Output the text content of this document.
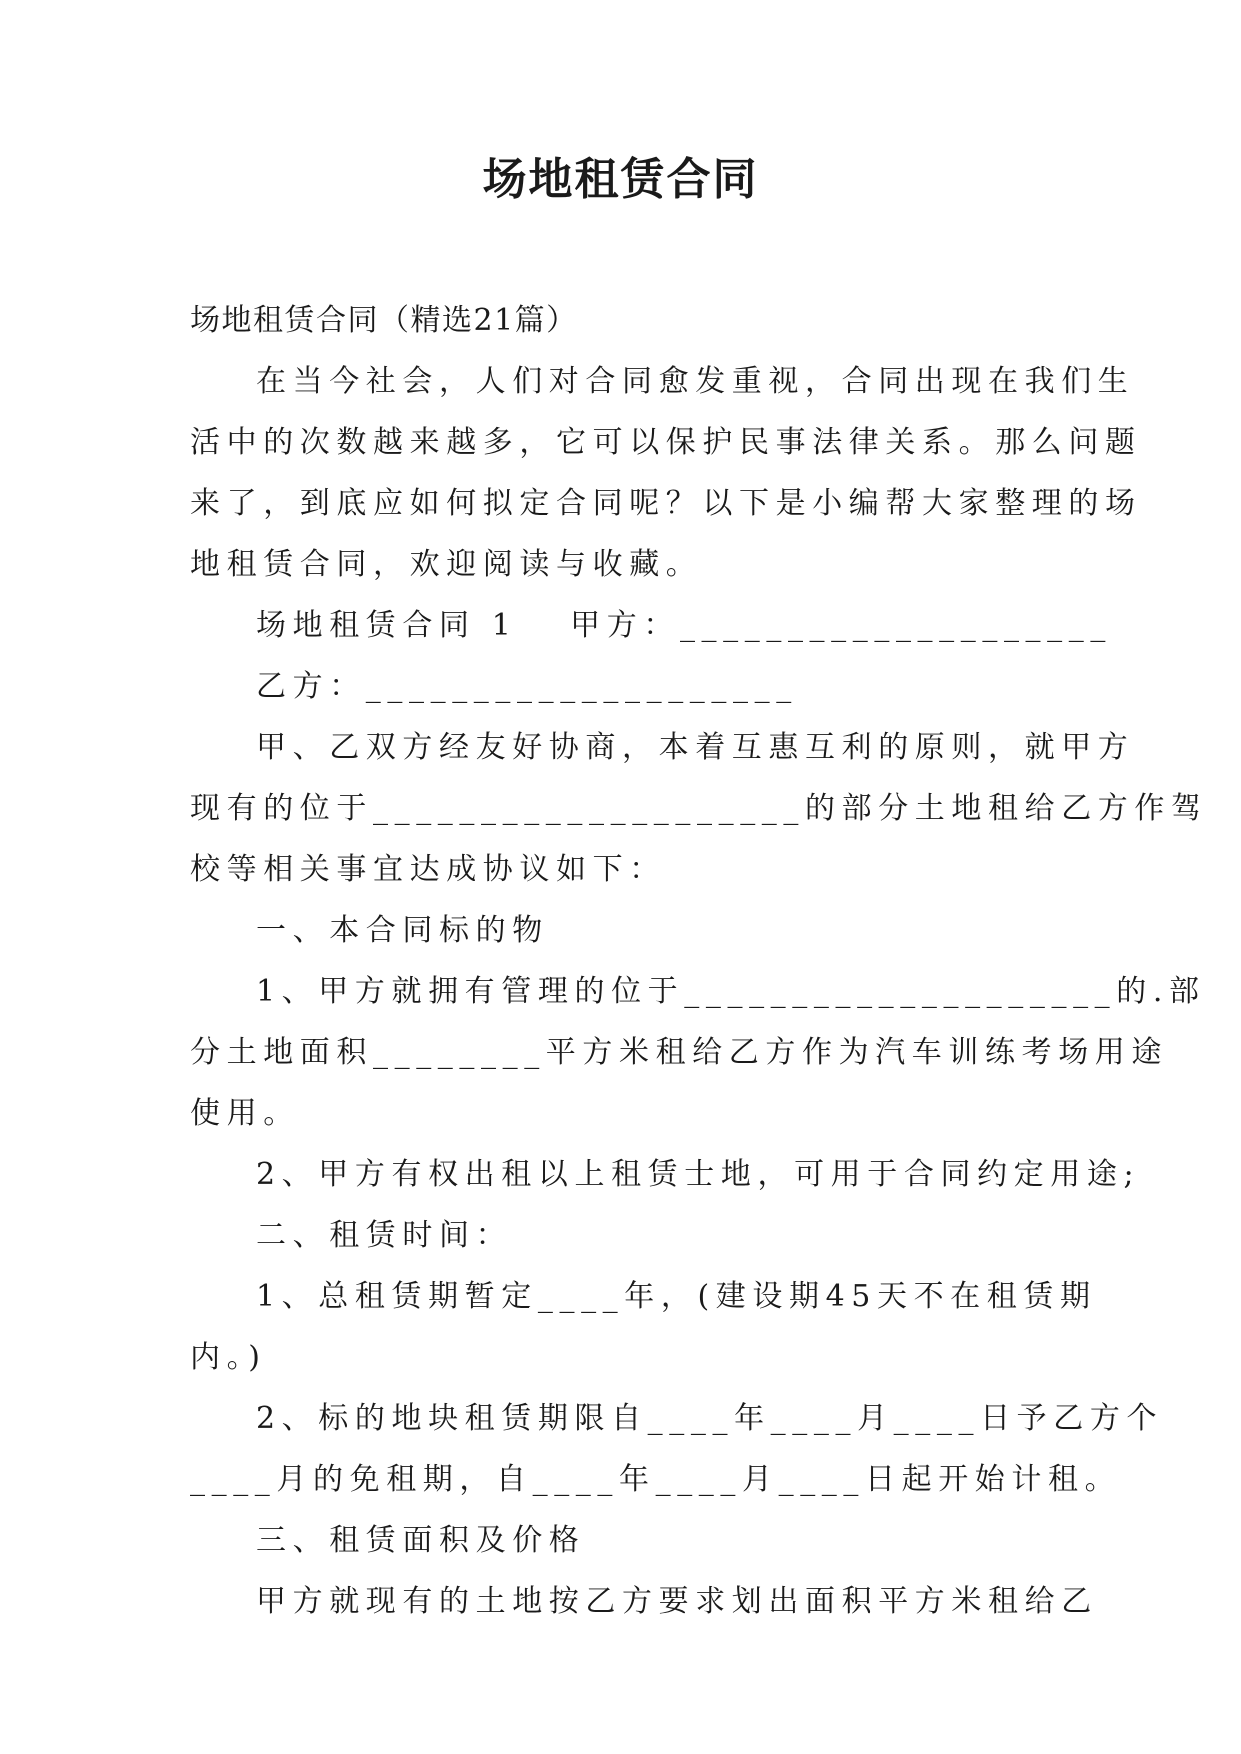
场地租赁合同
场地租赁合同（精选21篇）
在当今社会，人们对合同愈发重视，合同出现在我们生
活中的次数越来越多，它可以保护民事法律关系。那么问题
来了，到底应如何拟定合同呢？以下是小编帮大家整理的场
地租赁合同，欢迎阅读与收藏。
场地租赁合同 1　 甲方：____________________
乙方：____________________
甲、乙双方经友好协商，本着互惠互利的原则，就甲方
现有的位于____________________的部分土地租给乙方作驾
校等相关事宜达成协议如下：
一、本合同标的物
1、甲方就拥有管理的位于____________________的.部
分土地面积________平方米租给乙方作为汽车训练考场用途
使用。
2、甲方有权出租以上租赁士地，可用于合同约定用途;
二、租赁时间：
1、总租赁期暂定____年，(建设期45天不在租赁期
内。)
2、标的地块租赁期限自____年____月____日予乙方个
____月的免租期，自____年____月____日起开始计租。
三、租赁面积及价格
甲方就现有的土地按乙方要求划出面积平方米租给乙
